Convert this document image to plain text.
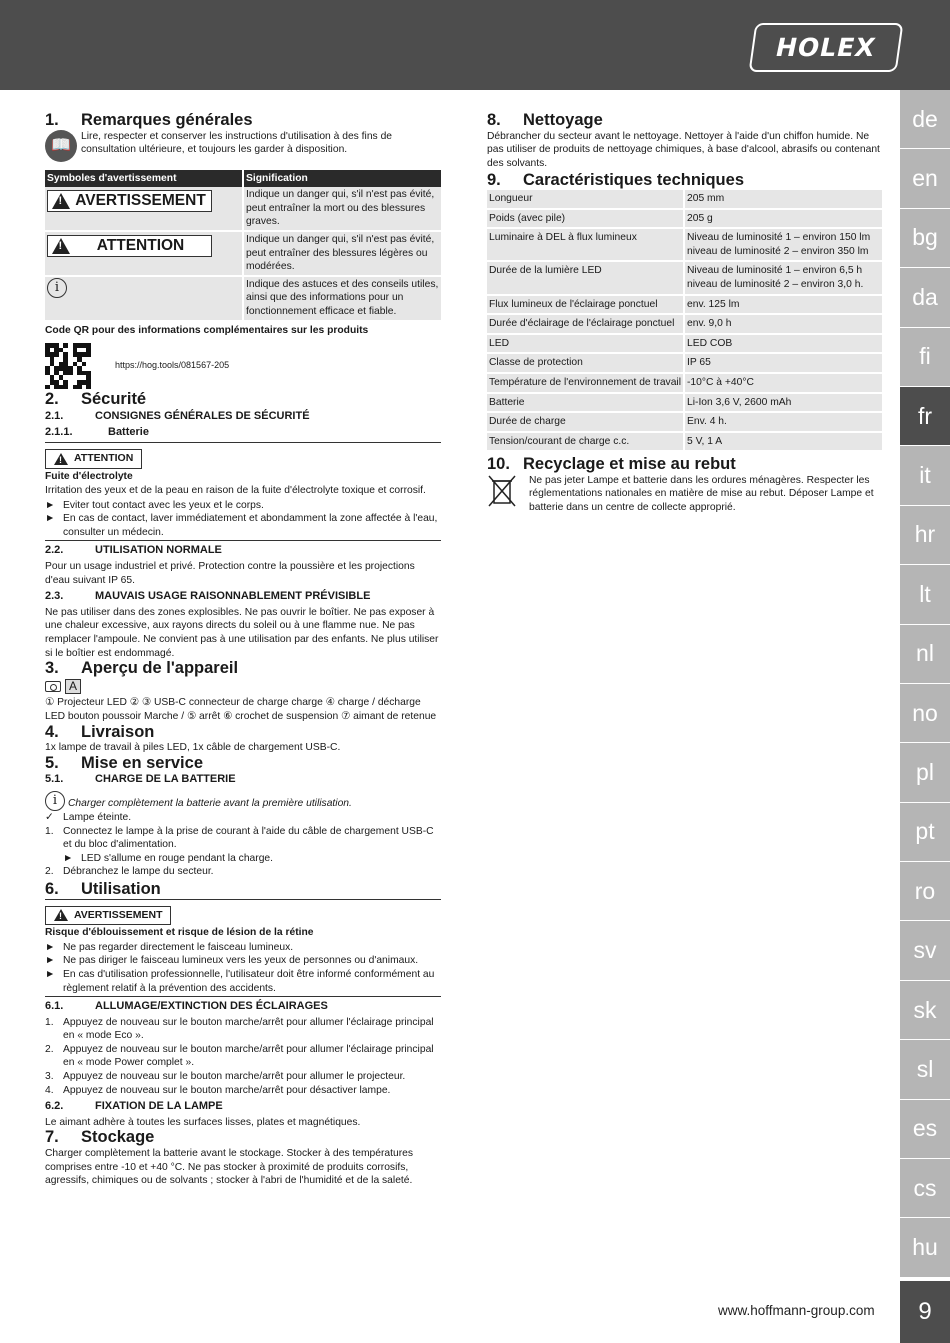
HOLEX
de
en
bg
da
fi
fr
it
hr
lt
nl
no
pl
pt
ro
sv
sk
sl
es
cs
hu
9
www.hoffmann-group.com
1.	Remarques générales
📖

Lire, respecter et conserver les instructions d'utilisation à des fins de consultation ultérieure, et toujours les garder à disposition.

Symboles d'avertissement	Signification

!
AVERTISSEMENT	Indique un danger qui, s'il n'est pas évité, peut entraîner la mort ou des blessures graves.

!
ATTENTION	Indique un danger qui, s'il n'est pas évité, peut entraîner des blessures légères ou modérées.
i	Indique des astuces et des conseils utiles, ainsi que des informations pour un fonctionnement efficace et fiable.

Code QR pour des informations complémentaires sur les produits

https://hog.tools/081567-205
2.	Sécurité
2.1.	CONSIGNES GÉNÉRALES DE SÉCURITÉ
2.1.1.	Batterie
!
ATTENTION

Fuite d'électrolyte

Irritation des yeux et de la peau en raison de la fuite d'électrolyte toxique et corrosif.

► Eviter tout contact avec les yeux et le corps.
► En cas de contact, laver immédiatement et abondamment la zone affectée à l'eau, consulter un médecin.
2.2.	UTILISATION NORMALE

Pour un usage industriel et privé. Protection contre la poussière et les projections d'eau suivant IP 65.

2.3.	MAUVAIS USAGE RAISONNABLEMENT PRÉVISIBLE

Ne pas utiliser dans des zones explosibles. Ne pas ouvrir le boîtier. Ne pas exposer à une chaleur excessive, aux rayons directs du soleil ou à une flamme nue. Ne pas remplacer l'ampoule. Ne convient pas à une utilisation par des enfants. Ne plus utiliser si le boîtier est endommagé.

3.	Aperçu de l'appareil
A

① Projecteur LED ② ③ USB-C connecteur de charge charge ④ charge / décharge LED bouton poussoir Marche / ⑤ arrêt ⑥ crochet de suspension ⑦ aimant de retenue

4.	Livraison

1x lampe de travail à piles LED, 1x câble de chargement USB-C.

5.	Mise en service
5.1.	CHARGE DE LA BATTERIE
i	Charger complètement la batterie avant la première utilisation.
✓ Lampe éteinte.
1. Connectez le lampe à la prise de courant à l'aide du câble de chargement USB-C et du bloc d'alimentation.
► LED s'allume en rouge pendant la charge.
2. Débranchez le lampe du secteur.
6.	Utilisation
!
AVERTISSEMENT

Risque d'éblouissement et risque de lésion de la rétine

► Ne pas regarder directement le faisceau lumineux.
► Ne pas diriger le faisceau lumineux vers les yeux de personnes ou d'animaux.
► En cas d'utilisation professionnelle, l'utilisateur doit être informé conformément au règlement relatif à la prévention des accidents.
6.1.	ALLUMAGE/EXTINCTION DES ÉCLAIRAGES
1. Appuyez de nouveau sur le bouton marche/arrêt pour allumer l'éclairage principal en « mode Eco ».
2. Appuyez de nouveau sur le bouton marche/arrêt pour allumer l'éclairage principal en « mode Power complet ».
3. Appuyez de nouveau sur le bouton marche/arrêt pour allumer le projecteur.
4. Appuyez de nouveau sur le bouton marche/arrêt pour désactiver lampe.
6.2.	FIXATION DE LA LAMPE

Le aimant adhère à toutes les surfaces lisses, plates et magnétiques.

7.	Stockage

Charger complètement la batterie avant le stockage. Stocker à des températures comprises entre -10 et +40 °C. Ne pas stocker à proximité de produits corrosifs, agressifs, chimiques ou de solvants ; stocker à l'abri de l'humidité et de la saleté.

8.	Nettoyage

Débrancher du secteur avant le nettoyage. Nettoyer à l'aide d'un chiffon humide. Ne pas utiliser de produits de nettoyage chimiques, à base d'alcool, abrasifs ou contenant des solvants.

9.	Caractéristiques techniques
Longueur	205 mm
Poids (avec pile)	205 g
Luminaire à DEL à flux lumineux	Niveau de luminosité 1 – environ 150 lm
niveau de luminosité 2 – environ 350 lm
Durée de la lumière LED	Niveau de luminosité 1 – environ 6,5 h
niveau de luminosité 2 – environ 3,0 h.
Flux lumineux de l'éclairage ponctuel	env. 125 lm
Durée d'éclairage de l'éclairage ponctuel	env. 9,0 h
LED	LED COB
Classe de protection	IP 65
Température de l'environnement de travail	-10°C à +40°C
Batterie	Li-Ion 3,6 V, 2600 mAh
Durée de charge	Env. 4 h.
Tension/courant de charge c.c.	5 V, 1 A
10. Recyclage et mise au rebut

Ne pas jeter Lampe et batterie dans les ordures ménagères. Respecter les réglementations nationales en matière de mise au rebut. Déposer Lampe et batterie dans un centre de collecte approprié.
